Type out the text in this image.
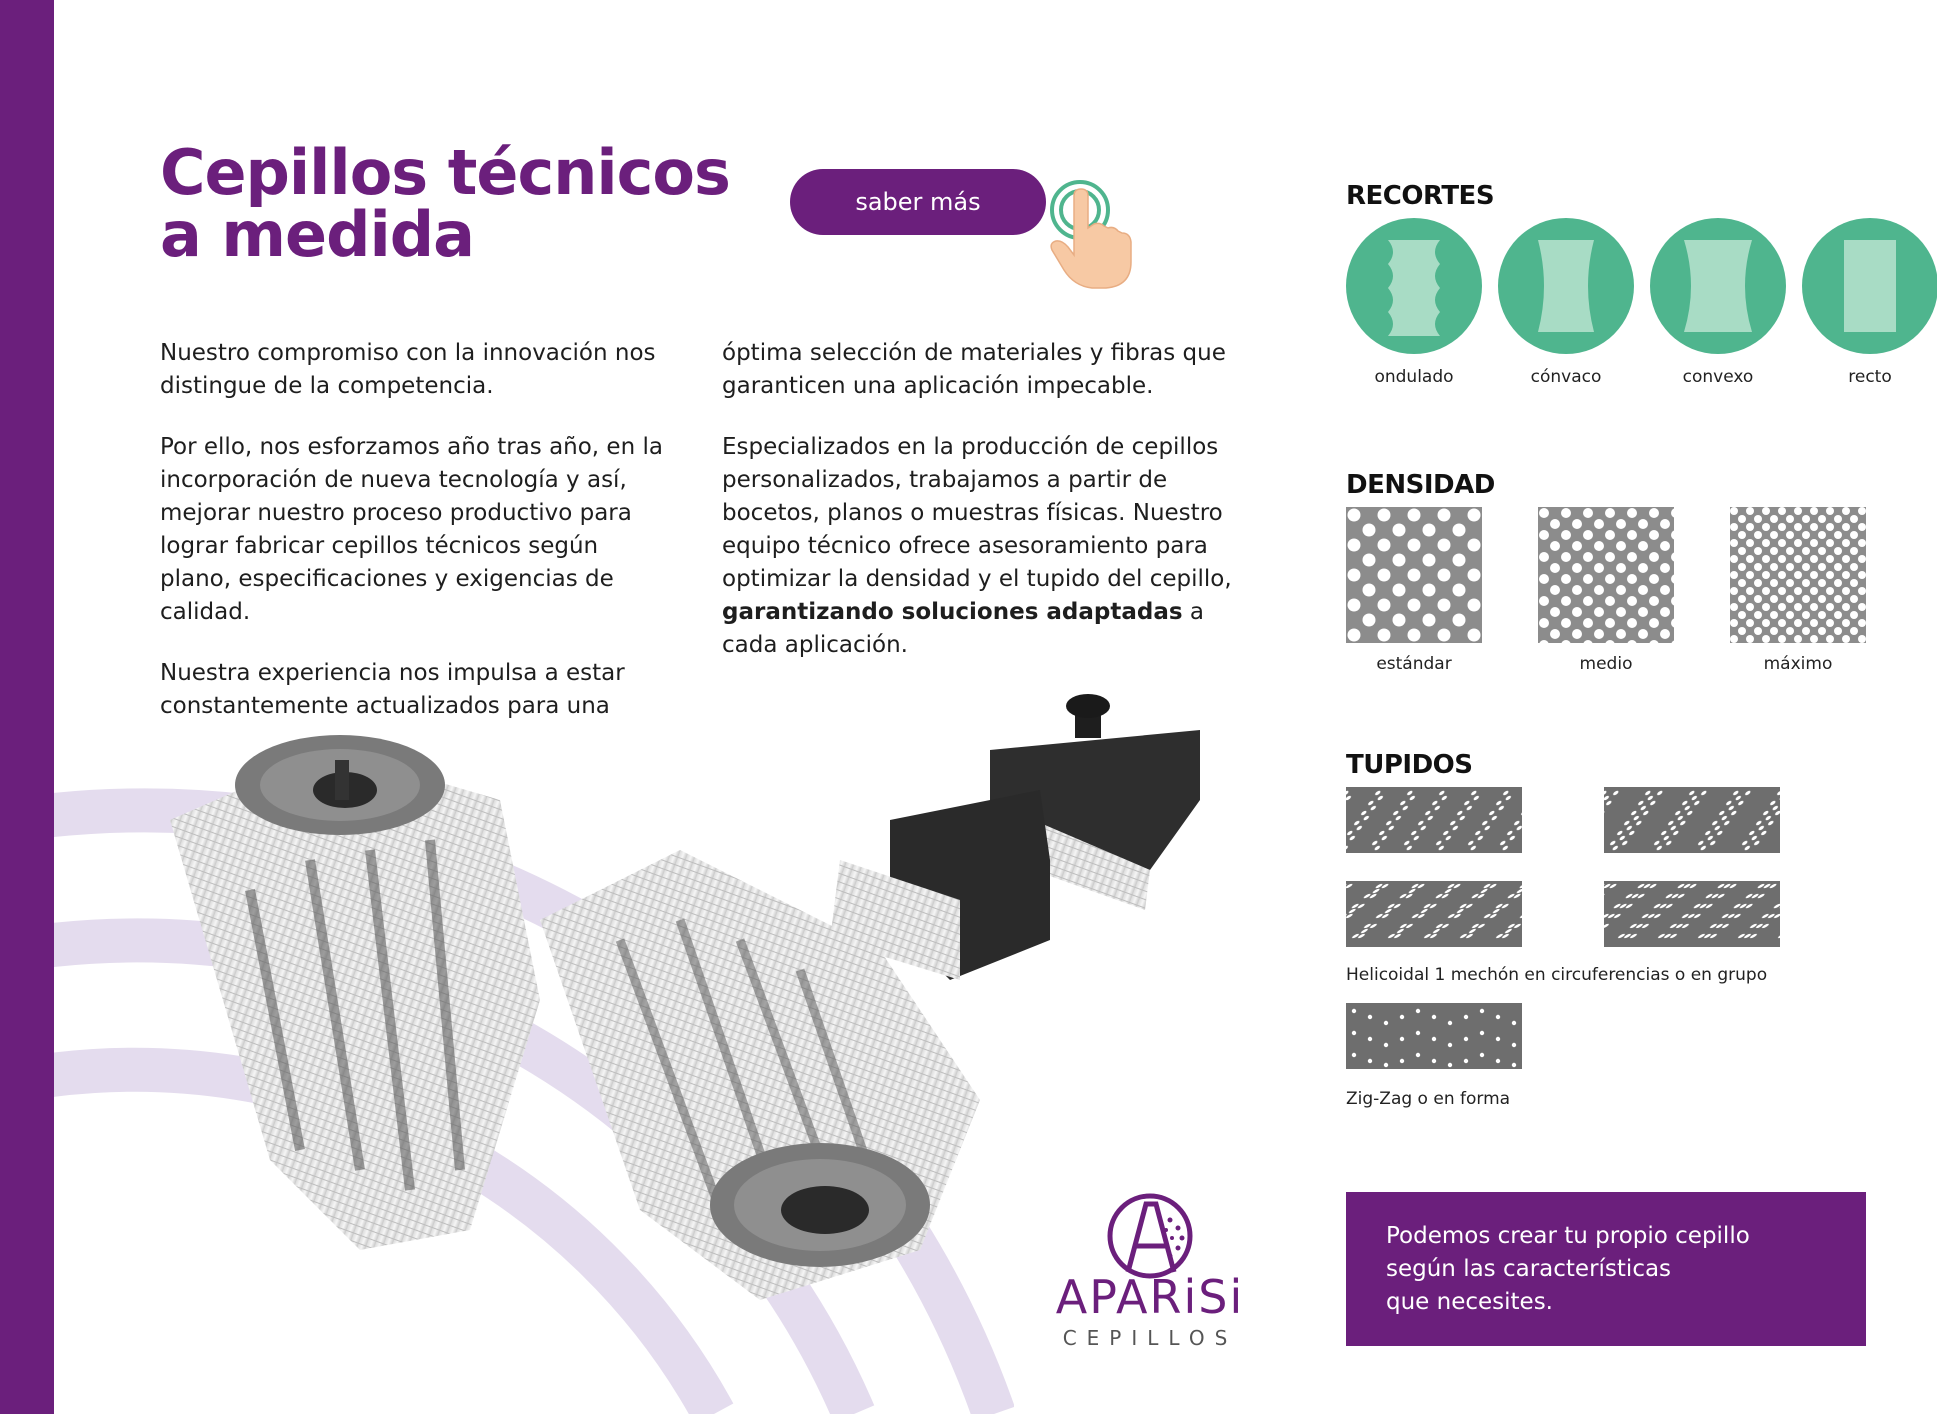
Cepillos técnicos
a medida	saber más

Nuestro compromiso con la innovación nos distingue de la competencia.

Por ello, nos esforzamos año tras año, en la incorporación de nueva tecnología y así, mejorar nuestro proceso productivo para lograr fabricar cepillos técnicos según plano, especificaciones y exigencias de calidad.

Nuestra experiencia nos impulsa a estar constantemente actualizados para una

óptima selección de materiales y fibras que garanticen una aplicación impecable.

Especializados en la producción de cepillos personalizados, trabajamos a partir de bocetos, planos o muestras físicas. Nuestro equipo técnico ofrece asesoramiento para optimizar la densidad y el tupido del cepillo, garantizando soluciones adaptadas a cada aplicación.

RECORTES
ondulado	cónvaco	convexo	recto
DENSIDAD
estándar	medio	máximo
TUPIDOS
Helicoidal 1 mechón en circuferencias o en grupo
Zig-Zag o en forma
Podemos crear tu propio cepillo
según las características
que necesites.
APARiSi
CEPILLOS
